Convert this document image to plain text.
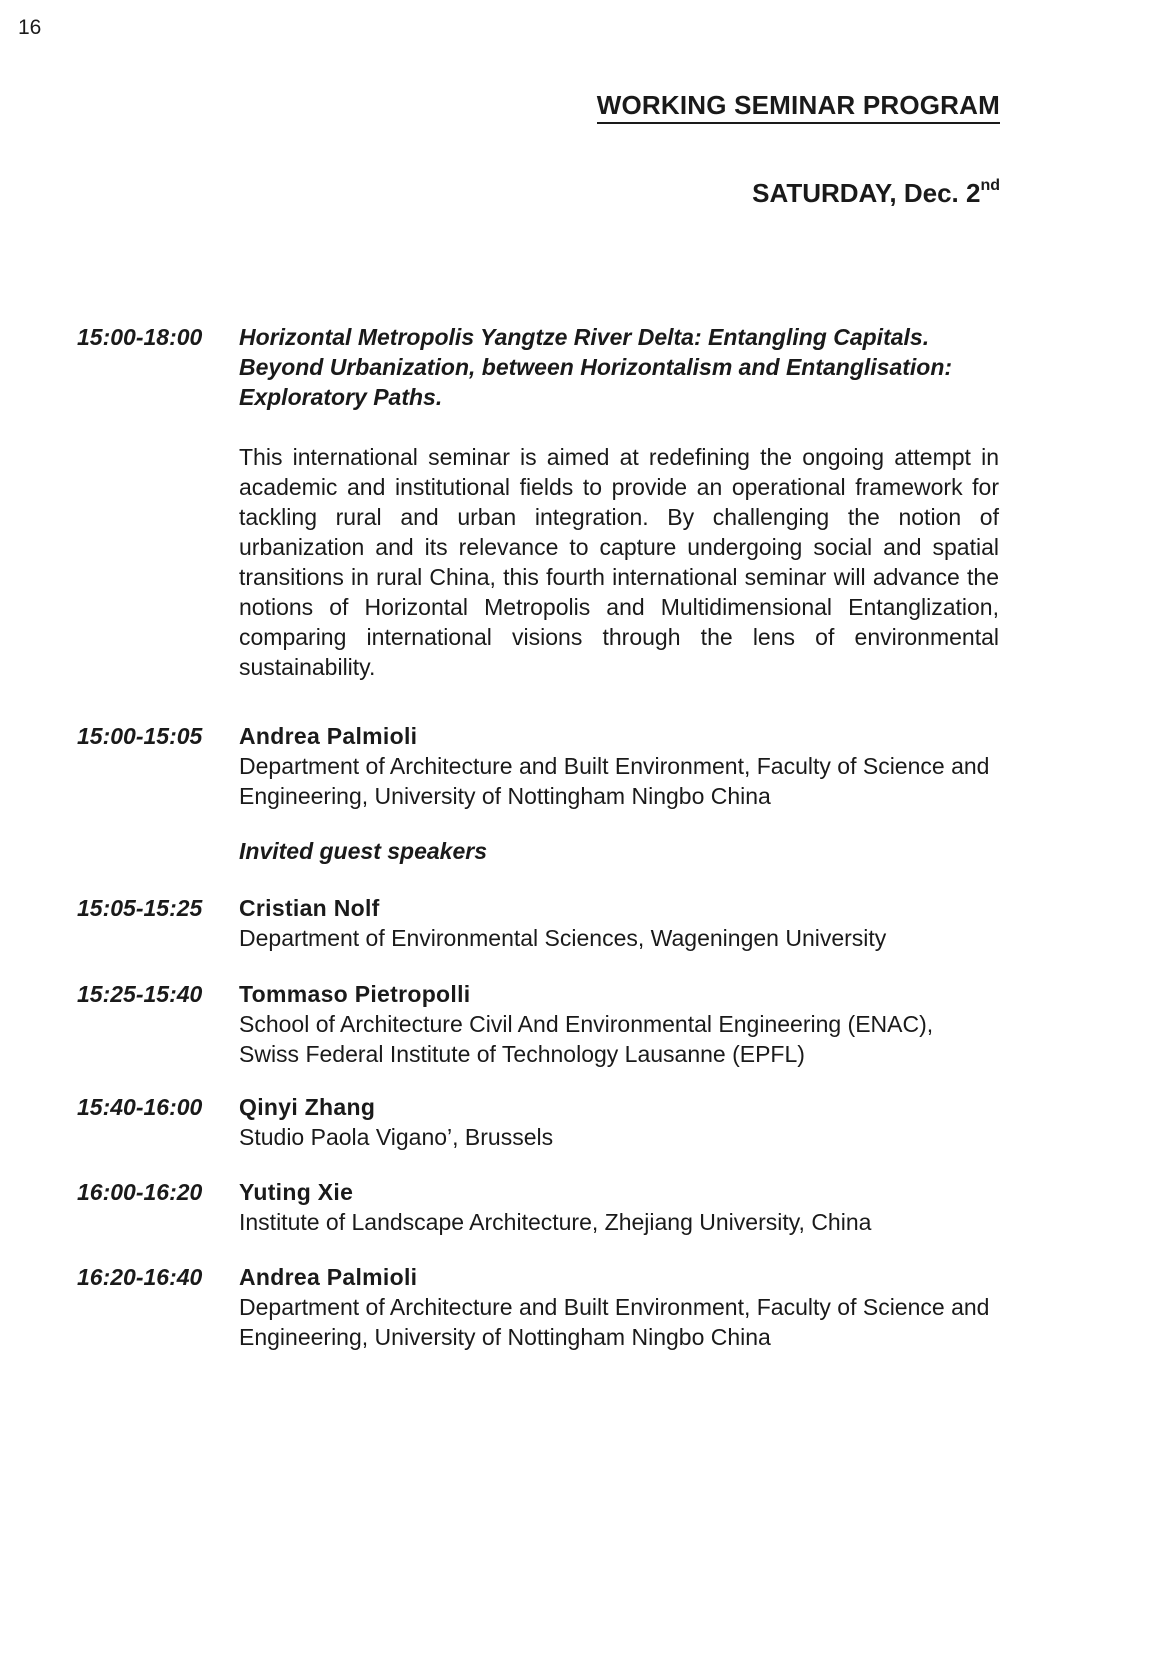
16
WORKING SEMINAR PROGRAM
SATURDAY, Dec. 2nd
15:00-18:00 Horizontal Metropolis Yangtze River Delta: Entangling Capitals. Beyond Urbanization, between Horizontalism and Entanglisation: Exploratory Paths.

This international seminar is aimed at redefining the ongoing attempt in academic and institutional fields to provide an operational framework for tackling rural and urban integration. By challenging the notion of urbanization and its relevance to capture undergoing social and spatial transitions in rural China, this fourth international seminar will advance the notions of Horizontal Metropolis and Multidimensional Entanglization, comparing international visions through the lens of environmental sustainability.

15:00-15:05 Andrea Palmioli
Department of Architecture and Built Environment, Faculty of Science and Engineering, University of Nottingham Ningbo China
Invited guest speakers
15:05-15:25 Cristian Nolf
Department of Environmental Sciences, Wageningen University
15:25-15:40 Tommaso Pietropolli
School of Architecture Civil And Environmental Engineering (ENAC), Swiss Federal Institute of Technology Lausanne (EPFL)
15:40-16:00 Qinyi Zhang
Studio Paola Vigano’, Brussels
16:00-16:20 Yuting Xie
Institute of Landscape Architecture, Zhejiang University, China
16:20-16:40 Andrea Palmioli
Department of Architecture and Built Environment, Faculty of Science and Engineering, University of Nottingham Ningbo China
